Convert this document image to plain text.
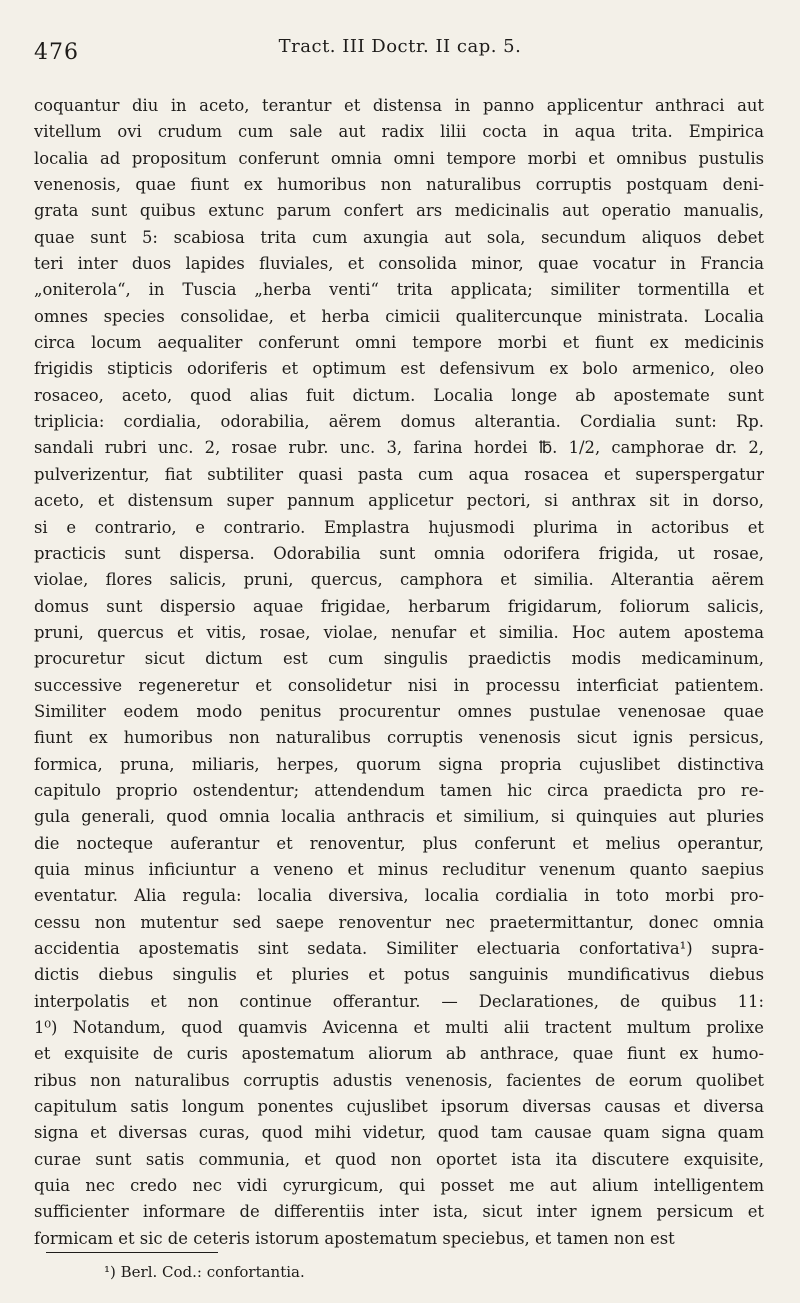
476	Tract. III Doctr. II cap. 5.
coquantur diu in aceto, terantur et distensa in panno applicentur anthraci aut
vitellum ovi crudum cum sale aut radix lilii cocta in aqua trita. Empirica
localia ad propositum conferunt omnia omni tempore morbi et omnibus pustulis
venenosis, quae fiunt ex humoribus non naturalibus corruptis postquam deni-
grata sunt quibus extunc parum confert ars medicinalis aut operatio manualis,
quae sunt 5: scabiosa trita cum axungia aut sola, secundum aliquos debet
teri inter duos lapides fluviales, et consolida minor, quae vocatur in Francia
„oniterola“, in Tuscia „herba venti“ trita applicata; similiter tormentilla et
omnes species consolidae, et herba cimicii qualitercunque ministrata. Localia
circa locum aequaliter conferunt omni tempore morbi et fiunt ex medicinis
frigidis stipticis odoriferis et optimum est defensivum ex bolo armenico, oleo
rosaceo, aceto, quod alias fuit dictum. Localia longe ab apostemate sunt
triplicia: cordialia, odorabilia, aërem domus alterantia. Cordialia sunt: Rp.
sandali rubri unc. 2, rosae rubr. unc. 3, farina hordei ℔. 1/2, camphorae dr. 2,
pulverizentur, fiat subtiliter quasi pasta cum aqua rosacea et superspergatur
aceto, et distensum super pannum applicetur pectori, si anthrax sit in dorso,
si e contrario, e contrario. Emplastra hujusmodi plurima in actoribus et
practicis sunt dispersa. Odorabilia sunt omnia odorifera frigida, ut rosae,
violae, flores salicis, pruni, quercus, camphora et similia. Alterantia aërem
domus sunt dispersio aquae frigidae, herbarum frigidarum, foliorum salicis,
pruni, quercus et vitis, rosae, violae, nenufar et similia. Hoc autem apostema
procuretur sicut dictum est cum singulis praedictis modis medicaminum,
successive regeneretur et consolidetur nisi in processu interficiat patientem.
Similiter eodem modo penitus procurentur omnes pustulae venenosae quae
fiunt ex humoribus non naturalibus corruptis venenosis sicut ignis persicus,
formica, pruna, miliaris, herpes, quorum signa propria cujuslibet distinctiva
capitulo proprio ostendentur; attendendum tamen hic circa praedicta pro re-
gula generali, quod omnia localia anthracis et similium, si quinquies aut pluries
die nocteque auferantur et renoventur, plus conferunt et melius operantur,
quia minus inficiuntur a veneno et minus recluditur venenum quanto saepius
eventatur. Alia regula: localia diversiva, localia cordialia in toto morbi pro-
cessu non mutentur sed saepe renoventur nec praetermittantur, donec omnia
accidentia apostematis sint sedata. Similiter electuaria confortativa¹) supra-
dictis diebus singulis et pluries et potus sanguinis mundificativus diebus
interpolatis et non continue offerantur. — Declarationes, de quibus 11:
1⁰) Notandum, quod quamvis Avicenna et multi alii tractent multum prolixe
et exquisite de curis apostematum aliorum ab anthrace, quae fiunt ex humo-
ribus non naturalibus corruptis adustis venenosis, facientes de eorum quolibet
capitulum satis longum ponentes cujuslibet ipsorum diversas causas et diversa
signa et diversas curas, quod mihi videtur, quod tam causae quam signa quam
curae sunt satis communia, et quod non oportet ista ita discutere exquisite,
quia nec credo nec vidi cyrurgicum, qui posset me aut alium intelligentem
sufficienter informare de differentiis inter ista, sicut inter ignem persicum et
formicam et sic de ceteris istorum apostematum speciebus, et tamen non est
¹) Berl. Cod.: confortantia.
